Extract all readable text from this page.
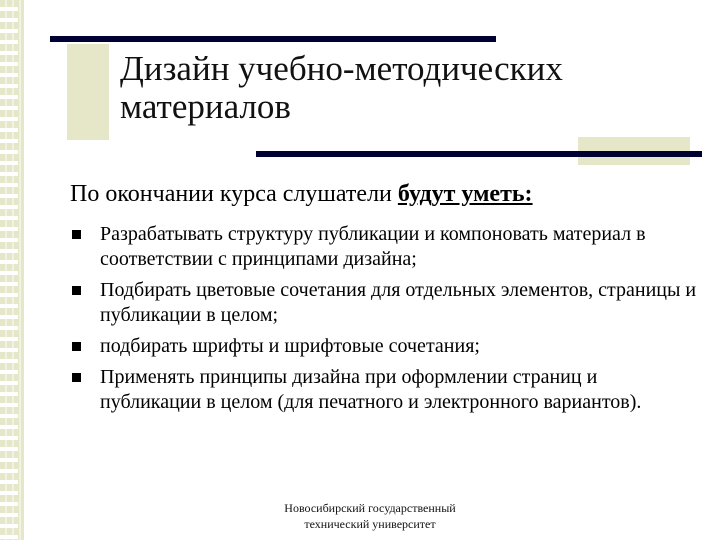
Дизайн учебно-методических материалов

По окончании курса слушатели будут уметь:

Разрабатывать структуру публикации и компоновать материал в соответствии с принципами дизайна;
Подбирать цветовые сочетания для отдельных элементов, страницы и публикации в целом;
подбирать шрифты и шрифтовые сочетания;
Применять принципы дизайна при оформлении страниц и публикации в целом (для печатного и электронного вариантов).
Новосибирский государственный
технический университет
